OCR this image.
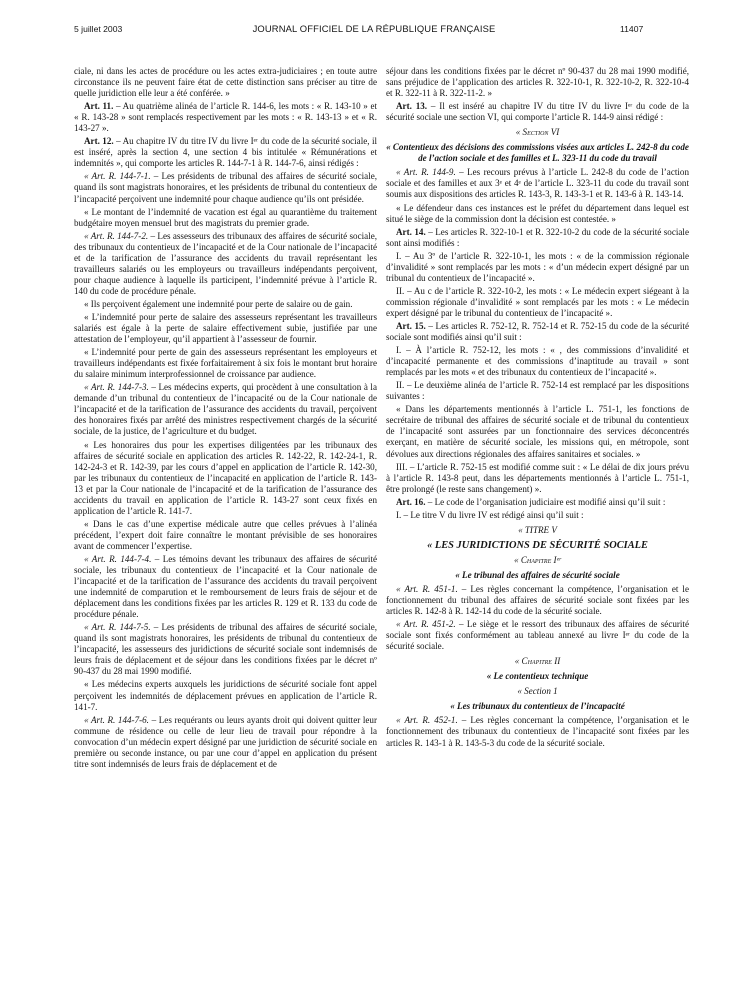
5 juillet 2003	JOURNAL OFFICIEL DE LA RÉPUBLIQUE FRANÇAISE	11407

ciale, ni dans les actes de procédure ou les actes extra-judiciaires ; en toute autre circonstance ils ne peuvent faire état de cette distinction sans préciser au titre de quelle juridiction elle leur a été conférée. »

Art. 11. – Au quatrième alinéa de l’article R. 144-6, les mots : « R. 143-10 » et « R. 143-28 » sont remplacés respectivement par les mots : « R. 143-13 » et « R. 143-27 ».

Art. 12. – Au chapitre IV du titre IV du livre Iᵉʳ du code de la sécurité sociale, il est inséré, après la section 4, une section 4 bis intitulée « Rémunérations et indemnités », qui comporte les articles R. 144-7-1 à R. 144-7-6, ainsi rédigés :

« Art. R. 144-7-1. – Les présidents de tribunal des affaires de sécurité sociale, quand ils sont magistrats honoraires, et les présidents de tribunal du contentieux de l’incapacité perçoivent une indemnité pour chaque audience qu’ils ont présidée.

« Le montant de l’indemnité de vacation est égal au quarantième du traitement budgétaire moyen mensuel brut des magistrats du premier grade.

« Art. R. 144-7-2. – Les assesseurs des tribunaux des affaires de sécurité sociale, des tribunaux du contentieux de l’incapacité et de la Cour nationale de l’incapacité et de la tarification de l’assurance des accidents du travail représentant les travailleurs salariés ou les employeurs ou travailleurs indépendants perçoivent, pour chaque audience à laquelle ils participent, l’indemnité prévue à l’article R. 140 du code de procédure pénale.

« Ils perçoivent également une indemnité pour perte de salaire ou de gain.

« L’indemnité pour perte de salaire des assesseurs représentant les travailleurs salariés est égale à la perte de salaire effectivement subie, justifiée par une attestation de l’employeur, qu’il appartient à l’assesseur de fournir.

« L’indemnité pour perte de gain des assesseurs représentant les employeurs et travailleurs indépendants est fixée forfaitairement à six fois le montant brut horaire du salaire minimum interprofessionnel de croissance par audience.

« Art. R. 144-7-3. – Les médecins experts, qui procèdent à une consultation à la demande d’un tribunal du contentieux de l’incapacité ou de la Cour nationale de l’incapacité et de la tarification de l’assurance des accidents du travail, perçoivent des honoraires fixés par arrêté des ministres respectivement chargés de la sécurité sociale, de la justice, de l’agriculture et du budget.

« Les honoraires dus pour les expertises diligentées par les tribunaux des affaires de sécurité sociale en application des articles R. 142-22, R. 142-24-1, R. 142-24-3 et R. 142-39, par les cours d’appel en application de l’article R. 142-30, par les tribunaux du contentieux de l’incapacité en application de l’article R. 143-13 et par la Cour nationale de l’incapacité et de la tarification de l’assurance des accidents du travail en application de l’article R. 143-27 sont ceux fixés en application de l’article R. 141-7.

« Dans le cas d’une expertise médicale autre que celles prévues à l’alinéa précédent, l’expert doit faire connaître le montant prévisible de ses honoraires avant de commencer l’expertise.

« Art. R. 144-7-4. – Les témoins devant les tribunaux des affaires de sécurité sociale, les tribunaux du contentieux de l’incapacité et la Cour nationale de l’incapacité et de la tarification de l’assurance des accidents du travail perçoivent une indemnité de comparution et le remboursement de leurs frais de séjour et de déplacement dans les conditions fixées par les articles R. 129 et R. 133 du code de procédure pénale.

« Art. R. 144-7-5. – Les présidents de tribunal des affaires de sécurité sociale, quand ils sont magistrats honoraires, les présidents de tribunal du contentieux de l’incapacité, les assesseurs des juridictions de sécurité sociale sont indemnisés de leurs frais de déplacement et de séjour dans les conditions fixées par le décret nº 90-437 du 28 mai 1990 modifié.

« Les médecins experts auxquels les juridictions de sécurité sociale font appel perçoivent les indemnités de déplacement prévues en application de l’article R. 141-7.

« Art. R. 144-7-6. – Les requérants ou leurs ayants droit qui doivent quitter leur commune de résidence ou celle de leur lieu de travail pour répondre à la convocation d’un médecin expert désigné par une juridiction de sécurité sociale en première ou seconde instance, ou par une cour d’appel en application du présent titre sont indemnisés de leurs frais de déplacement et de

séjour dans les conditions fixées par le décret nº 90-437 du 28 mai 1990 modifié, sans préjudice de l’application des articles R. 322-10-1, R. 322-10-2, R. 322-10-4 et R. 322-11 à R. 322-11-2. »

Art. 13. – Il est inséré au chapitre IV du titre IV du livre Iᵉʳ du code de la sécurité sociale une section VI, qui comporte l’article R. 144-9 ainsi rédigé :

« Section VI

« Contentieux des décisions des commissions visées aux articles L. 242-8 du code de l’action sociale et des familles et L. 323-11 du code du travail

« Art. R. 144-9. – Les recours prévus à l’article L. 242-8 du code de l’action sociale et des familles et aux 3ᵉ et 4ᵉ de l’article L. 323-11 du code du travail sont soumis aux dispositions des articles R. 143-3, R. 143-3-1 et R. 143-6 à R. 143-14.

« Le défendeur dans ces instances est le préfet du département dans lequel est situé le siège de la commission dont la décision est contestée. »

Art. 14. – Les articles R. 322-10-1 et R. 322-10-2 du code de la sécurité sociale sont ainsi modifiés :

I. – Au 3º de l’article R. 322-10-1, les mots : « de la commission régionale d’invalidité » sont remplacés par les mots : « d’un médecin expert désigné par un tribunal du contentieux de l’incapacité ».

II. – Au c de l’article R. 322-10-2, les mots : « Le médecin expert siégeant à la commission régionale d’invalidité » sont remplacés par les mots : « Le médecin expert désigné par le tribunal du contentieux de l’incapacité ».

Art. 15. – Les articles R. 752-12, R. 752-14 et R. 752-15 du code de la sécurité sociale sont modifiés ainsi qu’il suit :

I. – À l’article R. 752-12, les mots : « , des commissions d’invalidité et d’incapacité permanente et des commissions d’inaptitude au travail » sont remplacés par les mots « et des tribunaux du contentieux de l’incapacité ».

II. – Le deuxième alinéa de l’article R. 752-14 est remplacé par les dispositions suivantes :

« Dans les départements mentionnés à l’article L. 751-1, les fonctions de secrétaire de tribunal des affaires de sécurité sociale et de tribunal du contentieux de l’incapacité sont assurées par un fonctionnaire des services déconcentrés exerçant, en matière de sécurité sociale, les missions qui, en métropole, sont dévolues aux directions régionales des affaires sanitaires et sociales. »

III. – L’article R. 752-15 est modifié comme suit : « Le délai de dix jours prévu à l’article R. 143-8 peut, dans les départements mentionnés à l’article L. 751-1, être prolongé (le reste sans changement) ».

Art. 16. – Le code de l’organisation judiciaire est modifié ainsi qu’il suit :

I. – Le titre V du livre IV est rédigé ainsi qu’il suit :

« TITRE V

« LES JURIDICTIONS DE SÉCURITÉ SOCIALE

« Chapitre Iᵉʳ

« Le tribunal des affaires de sécurité sociale

« Art. R. 451-1. – Les règles concernant la compétence, l’organisation et le fonctionnement du tribunal des affaires de sécurité sociale sont fixées par les articles R. 142-8 à R. 142-14 du code de la sécurité sociale.

« Art. R. 451-2. – Le siège et le ressort des tribunaux des affaires de sécurité sociale sont fixés conformément au tableau annexé au livre Iᵉʳ du code de la sécurité sociale.

« Chapitre II

« Le contentieux technique

« Section 1

« Les tribunaux du contentieux de l’incapacité

« Art. R. 452-1. – Les règles concernant la compétence, l’organisation et le fonctionnement des tribunaux du contentieux de l’incapacité sont fixées par les articles R. 143-1 à R. 143-5-3 du code de la sécurité sociale.
